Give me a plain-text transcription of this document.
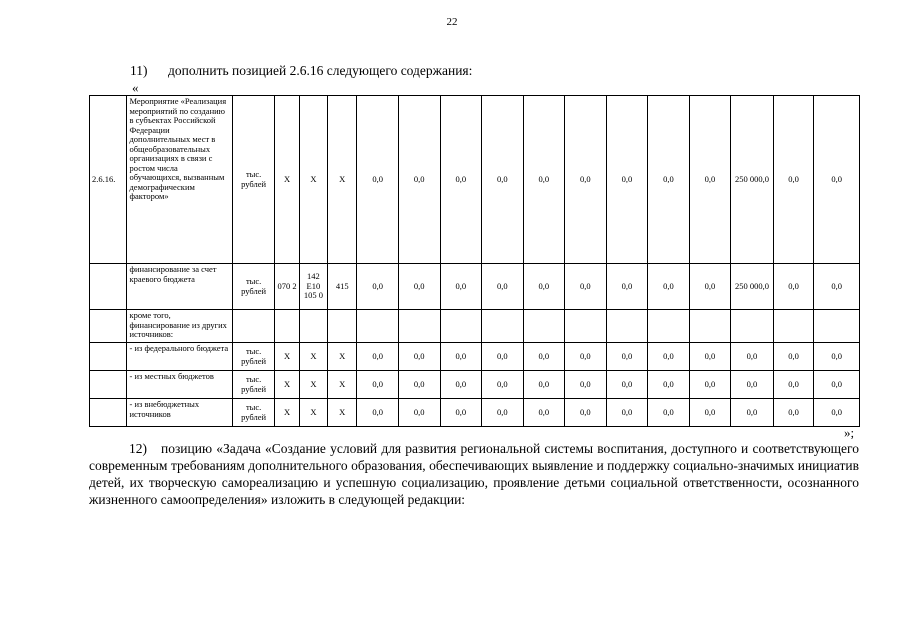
22
11) дополнить позицией 2.6.16 следующего содержания:
«
2.6.16.	Мероприятие «Реализация мероприятий по созданию в субъектах Российской Федерации дополнительных мест в общеобразовательных организациях в связи с ростом числа обучающихся, вызванным демографическим фактором»	тыс. рублей	Х	Х	Х	0,0	0,0	0,0	0,0	0,0	0,0	0,0	0,0	0,0	250 000,0	0,0	0,0
	финансирование за счет краевого бюджета	тыс. рублей	070 2	142 Е10 105 0	415	0,0	0,0	0,0	0,0	0,0	0,0	0,0	0,0	0,0	250 000,0	0,0	0,0
	кроме того, финансирование из других источников:																
	- из федерального бюджета	тыс. рублей	Х	Х	Х	0,0	0,0	0,0	0,0	0,0	0,0	0,0	0,0	0,0	0,0	0,0	0,0
	- из местных бюджетов	тыс. рублей	Х	Х	Х	0,0	0,0	0,0	0,0	0,0	0,0	0,0	0,0	0,0	0,0	0,0	0,0
	- из внебюджетных источников	тыс. рублей	Х	Х	Х	0,0	0,0	0,0	0,0	0,0	0,0	0,0	0,0	0,0	0,0	0,0	0,0
»;
12) позицию «Задача «Создание условий для развития региональной системы воспитания, доступного и соответствующего современным требованиям дополнительного образования, обеспечивающих выявление и поддержку социально-значимых инициатив детей, их творческую самореализацию и успешную социализацию, проявление детьми социальной ответственности, осознанного жизненного самоопределения» изложить в следующей редакции:
